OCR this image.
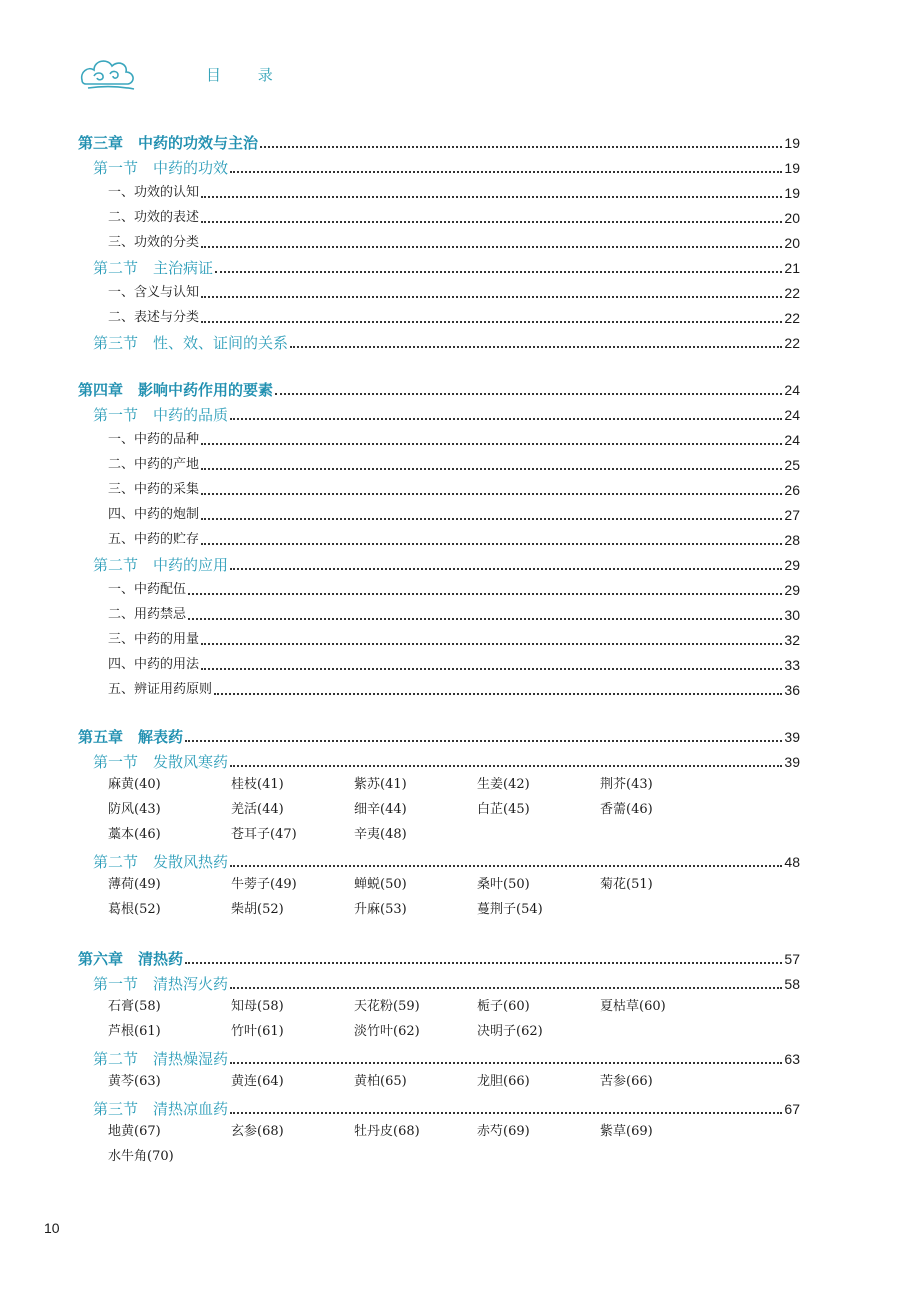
目 录
第三章　中药的功效与主治	19
第一节　中药的功效	19
一、功效的认知	19
二、功效的表述	20
三、功效的分类	20
第二节　主治病证	21
一、含义与认知	22
二、表述与分类	22
第三节　性、效、证间的关系	22
第四章　影响中药作用的要素	24
第一节　中药的品质	24
一、中药的品种	24
二、中药的产地	25
三、中药的采集	26
四、中药的炮制	27
五、中药的贮存	28
第二节　中药的应用	29
一、中药配伍	29
二、用药禁忌	30
三、中药的用量	32
四、中药的用法	33
五、辨证用药原则	36
第五章　解表药	39
第一节　发散风寒药	39
麻黄(40)	桂枝(41)	紫苏(41)	生姜(42)	荆芥(43)
防风(43)	羌活(44)	细辛(44)	白芷(45)	香薷(46)
藁本(46)	苍耳子(47)	辛夷(48)
第二节　发散风热药	48
薄荷(49)	牛蒡子(49)	蝉蜕(50)	桑叶(50)	菊花(51)
葛根(52)	柴胡(52)	升麻(53)	蔓荆子(54)
第六章　清热药	57
第一节　清热泻火药	58
石膏(58)	知母(58)	天花粉(59)	栀子(60)	夏枯草(60)
芦根(61)	竹叶(61)	淡竹叶(62)	决明子(62)
第二节　清热燥湿药	63
黄芩(63)	黄连(64)	黄柏(65)	龙胆(66)	苦参(66)
第三节　清热凉血药	67
地黄(67)	玄参(68)	牡丹皮(68)	赤芍(69)	紫草(69)
水牛角(70)
10
